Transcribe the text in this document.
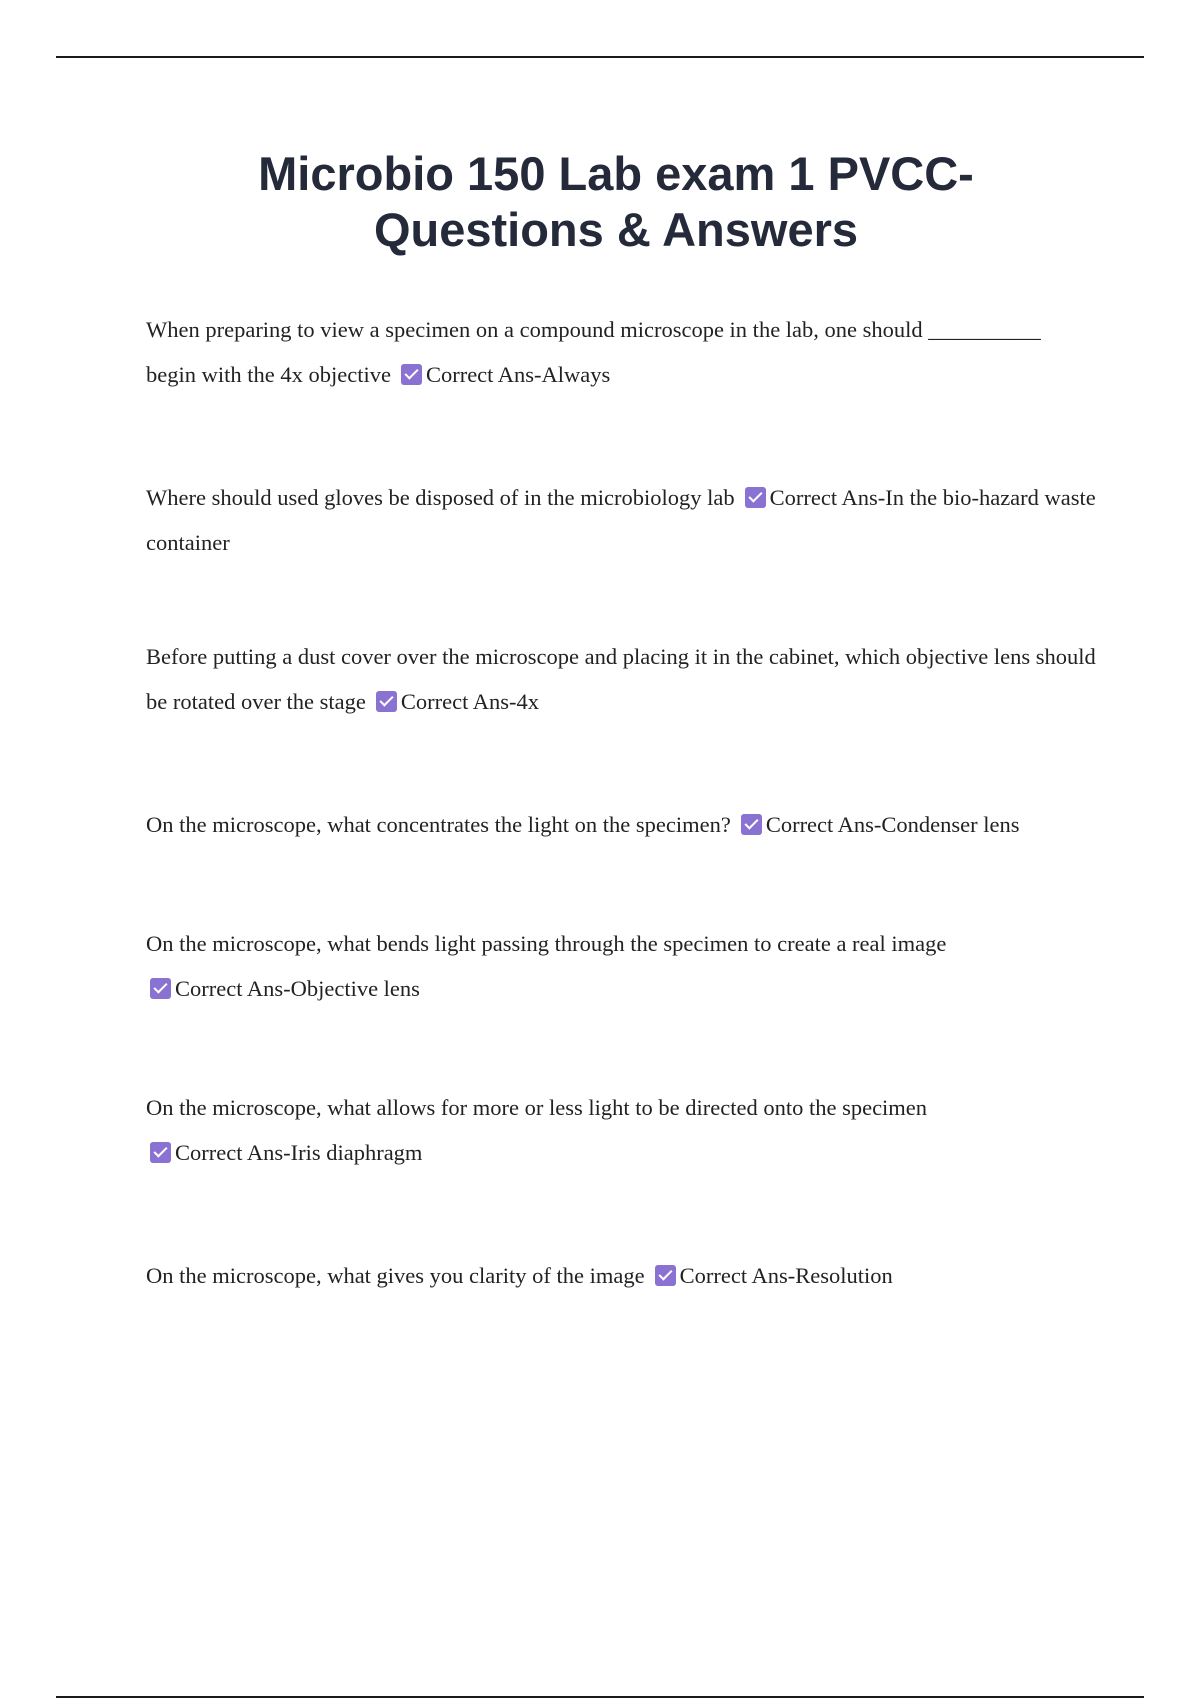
Microbio 150 Lab exam 1 PVCC- Questions & Answers

When preparing to view a specimen on a compound microscope in the lab, one should __________ begin with the 4x objective Correct Ans-Always

Where should used gloves be disposed of in the microbiology lab Correct Ans-In the bio-hazard waste container

Before putting a dust cover over the microscope and placing it in the cabinet, which objective lens should be rotated over the stage Correct Ans-4x

On the microscope, what concentrates the light on the specimen? Correct Ans-Condenser lens

On the microscope, what bends light passing through the specimen to create a real image
Correct Ans-Objective lens

On the microscope, what allows for more or less light to be directed onto the specimen
Correct Ans-Iris diaphragm

On the microscope, what gives you clarity of the image Correct Ans-Resolution
